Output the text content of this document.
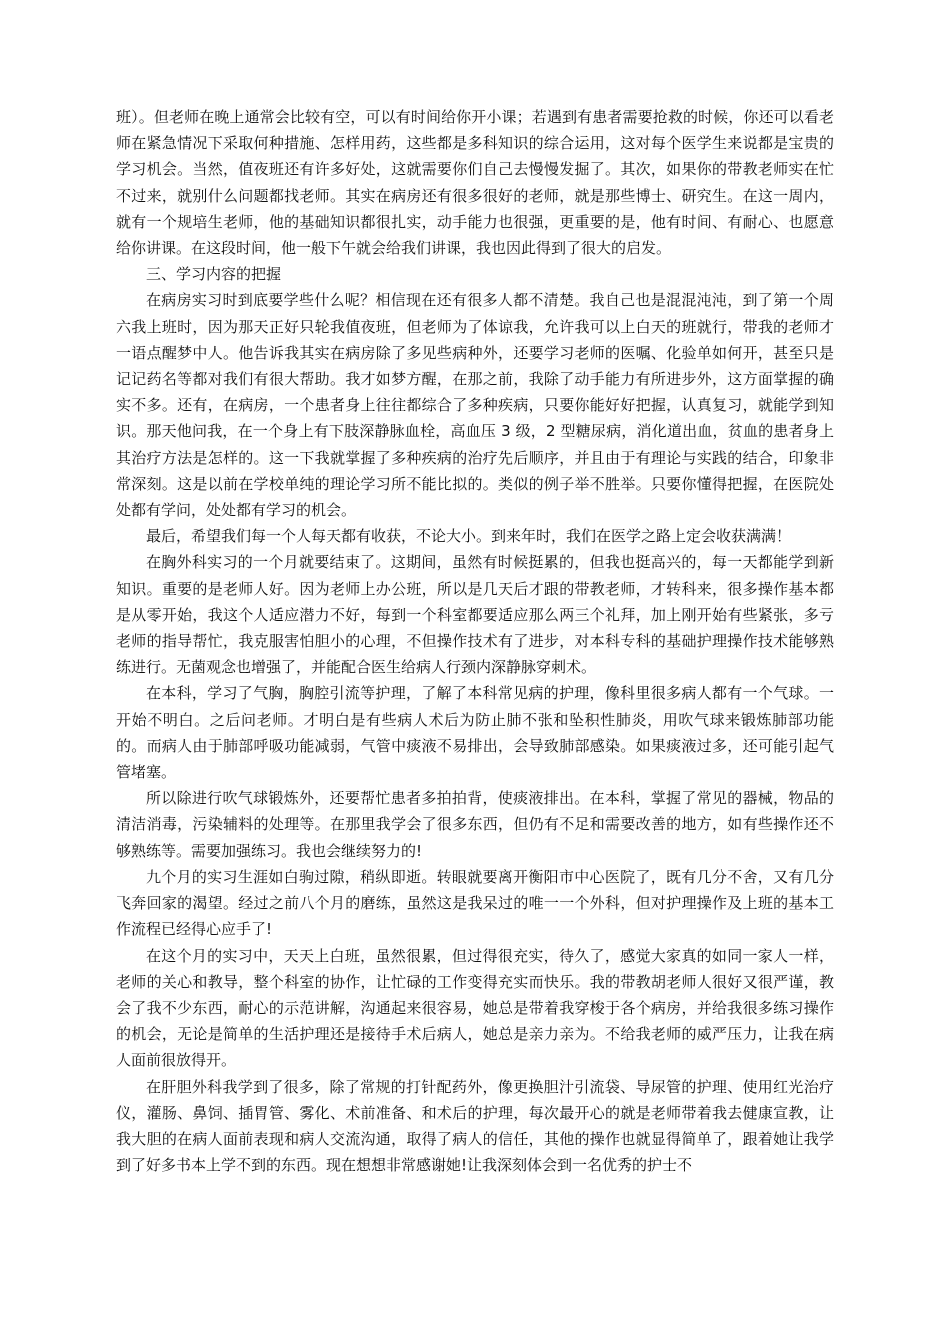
班）。但老师在晚上通常会比较有空，可以有时间给你开小课；若遇到有患者需要抢救的时候，你还可以看老师在紧急情况下采取何种措施、怎样用药，这些都是多科知识的综合运用，这对每个医学生来说都是宝贵的学习机会。当然，值夜班还有许多好处，这就需要你们自己去慢慢发掘了。其次，如果你的带教老师实在忙不过来，就别什么问题都找老师。其实在病房还有很多很好的老师，就是那些博士、研究生。在这一周内，就有一个规培生老师，他的基础知识都很扎实，动手能力也很强，更重要的是，他有时间、有耐心、也愿意给你讲课。在这段时间，他一般下午就会给我们讲课，我也因此得到了很大的启发。

三、学习内容的把握

在病房实习时到底要学些什么呢？相信现在还有很多人都不清楚。我自己也是混混沌沌，到了第一个周六我上班时，因为那天正好只轮我值夜班，但老师为了体谅我，允许我可以上白天的班就行，带我的老师才一语点醒梦中人。他告诉我其实在病房除了多见些病种外，还要学习老师的医嘱、化验单如何开，甚至只是记记药名等都对我们有很大帮助。我才如梦方醒，在那之前，我除了动手能力有所进步外，这方面掌握的确实不多。还有，在病房，一个患者身上往往都综合了多种疾病，只要你能好好把握，认真复习，就能学到知识。那天他问我，在一个身上有下肢深静脉血栓，高血压 3 级，2 型糖尿病，消化道出血，贫血的患者身上其治疗方法是怎样的。这一下我就掌握了多种疾病的治疗先后顺序，并且由于有理论与实践的结合，印象非常深刻。这是以前在学校单纯的理论学习所不能比拟的。类似的例子举不胜举。只要你懂得把握，在医院处处都有学问，处处都有学习的机会。

最后，希望我们每一个人每天都有收获，不论大小。到来年时，我们在医学之路上定会收获满满！

在胸外科实习的一个月就要结束了。这期间，虽然有时候挺累的，但我也挺高兴的，每一天都能学到新知识。重要的是老师人好。因为老师上办公班，所以是几天后才跟的带教老师，才转科来，很多操作基本都是从零开始，我这个人适应潜力不好，每到一个科室都要适应那么两三个礼拜，加上刚开始有些紧张，多亏老师的指导帮忙，我克服害怕胆小的心理，不但操作技术有了进步，对本科专科的基础护理操作技术能够熟练进行。无菌观念也增强了，并能配合医生给病人行颈内深静脉穿刺术。

在本科，学习了气胸，胸腔引流等护理，了解了本科常见病的护理，像科里很多病人都有一个气球。一开始不明白。之后问老师。才明白是有些病人术后为防止肺不张和坠积性肺炎，用吹气球来锻炼肺部功能的。而病人由于肺部呼吸功能减弱，气管中痰液不易排出，会导致肺部感染。如果痰液过多，还可能引起气管堵塞。

所以除进行吹气球锻炼外，还要帮忙患者多拍拍背，使痰液排出。在本科，掌握了常见的器械，物品的清洁消毒，污染辅料的处理等。在那里我学会了很多东西，但仍有不足和需要改善的地方，如有些操作还不够熟练等。需要加强练习。我也会继续努力的!

九个月的实习生涯如白驹过隙，稍纵即逝。转眼就要离开衡阳市中心医院了，既有几分不舍，又有几分飞奔回家的渴望。经过之前八个月的磨练，虽然这是我呆过的唯一一个外科，但对护理操作及上班的基本工作流程已经得心应手了!

在这个月的实习中，天天上白班，虽然很累，但过得很充实，待久了，感觉大家真的如同一家人一样，老师的关心和教导，整个科室的协作，让忙碌的工作变得充实而快乐。我的带教胡老师人很好又很严谨，教会了我不少东西，耐心的示范讲解，沟通起来很容易，她总是带着我穿梭于各个病房，并给我很多练习操作的机会，无论是简单的生活护理还是接待手术后病人，她总是亲力亲为。不给我老师的威严压力，让我在病人面前很放得开。

在肝胆外科我学到了很多，除了常规的打针配药外，像更换胆汁引流袋、导尿管的护理、使用红光治疗仪，灌肠、鼻饲、插胃管、雾化、术前准备、和术后的护理，每次最开心的就是老师带着我去健康宣教，让我大胆的在病人面前表现和病人交流沟通，取得了病人的信任，其他的操作也就显得简单了，跟着她让我学到了好多书本上学不到的东西。现在想想非常感谢她!让我深刻体会到一名优秀的护士不
